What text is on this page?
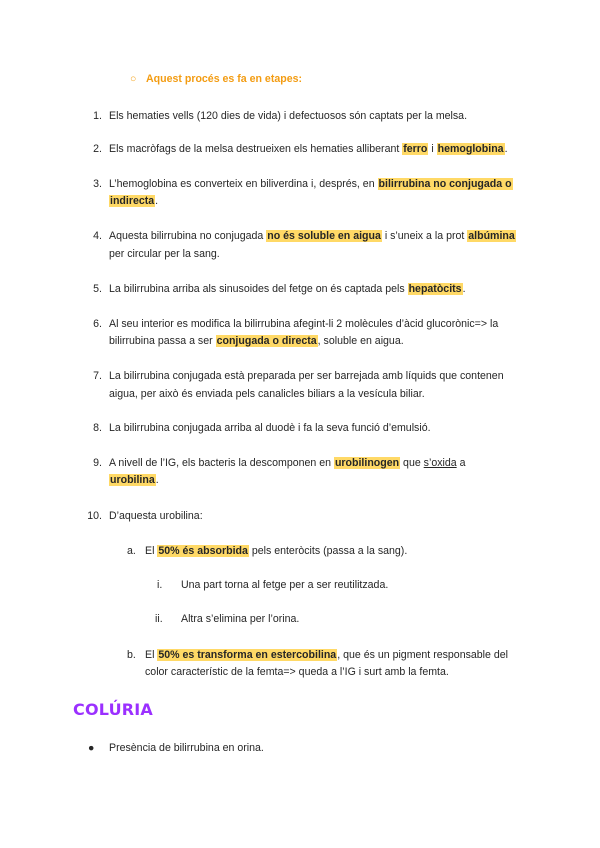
○ Aquest procés es fa en etapes:
1. Els hematies vells (120 dies de vida) i defectuosos són captats per la melsa.
2. Els macròfags de la melsa destrueixen els hematies alliberant ferro i hemoglobina.
3. L’hemoglobina es converteix en biliverdina i, després, en bilirrubina no conjugada o
indirecta.
4. Aquesta bilirrubina no conjugada no és soluble en aigua i s’uneix a la prot albúmina
per circular per la sang.
5. La bilirrubina arriba als sinusoides del fetge on és captada pels hepatòcits.
6. Al seu interior es modifica la bilirrubina afegint-li 2 molècules d’àcid glucorònic=> la
bilirrubina passa a ser conjugada o directa, soluble en aigua.
7. La bilirrubina conjugada està preparada per ser barrejada amb líquids que contenen
aigua, per això és enviada pels canalicles biliars a la vesícula biliar.
8. La bilirrubina conjugada arriba al duodè i fa la seva funció d’emulsió.
9. A nivell de l’IG, els bacteris la descomponen en urobilinogen que s’oxida a
urobilina.
10. D’aquesta urobilina:
a. El 50% és absorbida pels enteròcits (passa a la sang).
i. Una part torna al fetge per a ser reutilitzada.
ii. Altra s’elimina per l’orina.
b. El 50% es transforma en estercobilina, que és un pigment responsable del
color característic de la femta=> queda a l’IG i surt amb la femta.
COLÚRIA
● Presència de bilirrubina en orina.
